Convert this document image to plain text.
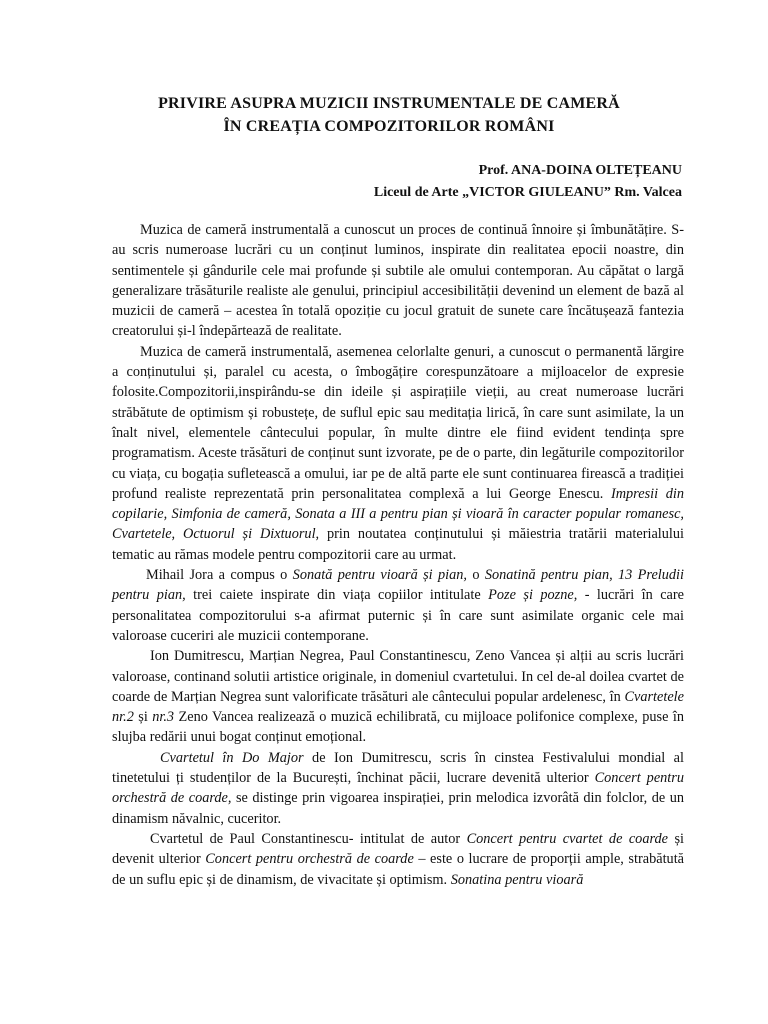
PRIVIRE ASUPRA MUZICII INSTRUMENTALE DE CAMERĂ
ÎN CREAȚIA COMPOZITORILOR ROMÂNI
Prof. ANA-DOINA OLTEȚEANU
Liceul de Arte „VICTOR GIULEANU” Rm. Valcea

Muzica de cameră instrumentală a cunoscut un proces de continuă înnoire și îmbunătățire. S-au scris numeroase lucrări cu un conținut luminos, inspirate din realitatea epocii noastre, din sentimentele și gândurile cele mai profunde și subtile ale omului contemporan. Au căpătat o largă generalizare trăsăturile realiste ale genului, principiul accesibilității devenind un element de bază al muzicii de cameră – acestea în totală opoziție cu jocul gratuit de sunete care încătușează fantezia creatorului și-l îndepărtează de realitate.

Muzica de cameră instrumentală, asemenea celorlalte genuri, a cunoscut o permanentă lărgire a conținutului și, paralel cu acesta, o îmbogățire corespunzătoare a mijloacelor de expresie folosite.Compozitorii,inspirându-se din ideile și aspirațiile vieții, au creat numeroase lucrări străbătute de optimism și robustețe, de suflul epic sau meditația lirică, în care sunt asimilate, la un înalt nivel, elementele cântecului popular, în multe dintre ele fiind evident tendința spre programatism. Aceste trăsături de conținut sunt izvorate, pe de o parte, din legăturile compozitorilor cu viața, cu bogația sufletească a omului, iar pe de altă parte ele sunt continuarea firească a tradiției profund realiste reprezentată prin personalitatea complexă a lui George Enescu. Impresii din copilarie, Simfonia de cameră, Sonata a III a pentru pian și vioară în caracter popular romanesc, Cvartetele, Octuorul și Dixtuorul, prin noutatea conținutului și măiestria tratării materialului tematic au rămas modele pentru compozitorii care au urmat.

Mihail Jora a compus o Sonată pentru vioară și pian, o Sonatină pentru pian, 13 Preludii pentru pian, trei caiete inspirate din viața copiilor intitulate Poze și pozne, - lucrări în care personalitatea compozitorului s-a afirmat puternic și în care sunt asimilate organic cele mai valoroase cuceriri ale muzicii contemporane.

Ion Dumitrescu, Marțian Negrea, Paul Constantinescu, Zeno Vancea și alții au scris lucrări valoroase, continand solutii artistice originale, in domeniul cvartetului. In cel de-al doilea cvartet de coarde de Marțian Negrea sunt valorificate trăsături ale cântecului popular ardelenesc, în Cvartetele nr.2 și nr.3 Zeno Vancea realizează o muzică echilibrată, cu mijloace polifonice complexe, puse în slujba redării unui bogat conținut emoțional.

Cvartetul în Do Major de Ion Dumitrescu, scris în cinstea Festivalului mondial al tinetetului ți studenților de la București, închinat păcii, lucrare devenită ulterior Concert pentru orchestră de coarde, se distinge prin vigoarea inspirației, prin melodica izvorâtă din folclor, de un dinamism năvalnic, cuceritor.

Cvartetul de Paul Constantinescu- intitulat de autor Concert pentru cvartet de coarde și devenit ulterior Concert pentru orchestră de coarde – este o lucrare de proporții ample, strabătută de un suflu epic și de dinamism, de vivacitate și optimism. Sonatina pentru vioară
